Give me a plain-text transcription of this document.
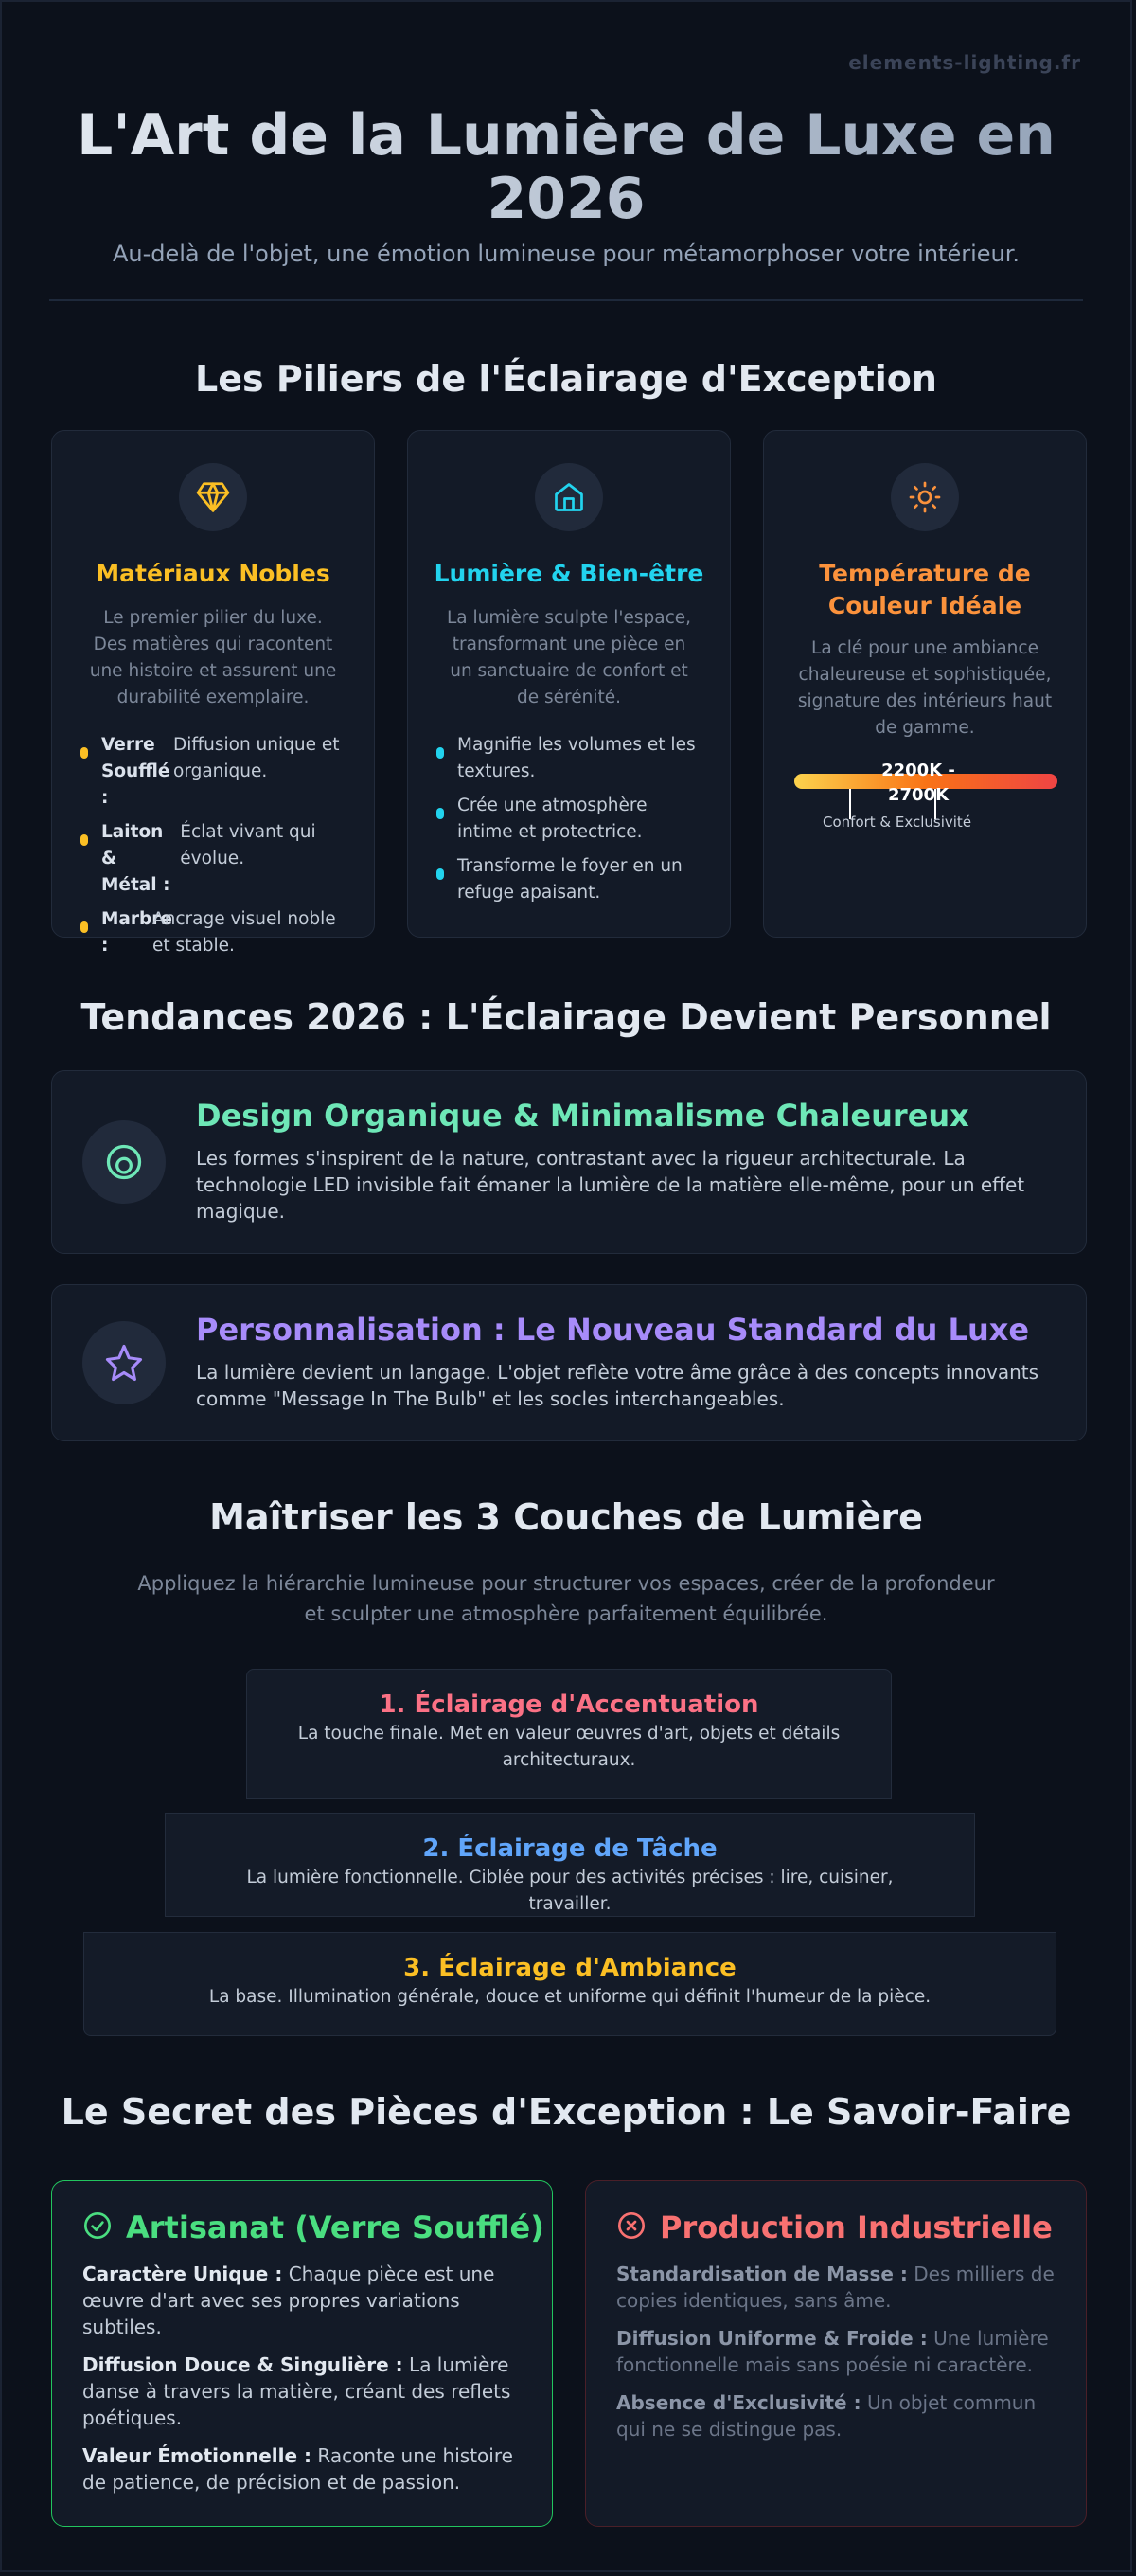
elements-lighting.fr
L'Art de la Lumière de Luxe en 2026
Au-delà de l'objet, une émotion lumineuse pour métamorphoser votre intérieur.
Les Piliers de l'Éclairage d'Exception
Matériaux Nobles
Le premier pilier du luxe. Des matières qui racontent une histoire et assurent une durabilité exemplaire.
Verre Soufflé :
Diffusion unique et organique.
Laiton & Métal :
Éclat vivant qui évolue.
Marbre :
Ancrage visuel noble et stable.
Lumière & Bien-être
La lumière sculpte l'espace, transformant une pièce en un sanctuaire de confort et de sérénité.
Magnifie les volumes et les textures.
Crée une atmosphère intime et protectrice.
Transforme le foyer en un refuge apaisant.
Température de Couleur Idéale
La clé pour une ambiance chaleureuse et sophistiquée, signature des intérieurs haut de gamme.
2200K - 2700K
Confort & Exclusivité
Tendances 2026 : L'Éclairage Devient Personnel
Design Organique & Minimalisme Chaleureux
Les formes s'inspirent de la nature, contrastant avec la rigueur architecturale. La technologie LED invisible fait émaner la lumière de la matière elle-même, pour un effet magique.
Personnalisation : Le Nouveau Standard du Luxe
La lumière devient un langage. L'objet reflète votre âme grâce à des concepts innovants comme "Message In The Bulb" et les socles interchangeables.
Maîtriser les 3 Couches de Lumière
Appliquez la hiérarchie lumineuse pour structurer vos espaces, créer de la profondeur et sculpter une atmosphère parfaitement équilibrée.
1. Éclairage d'Accentuation
La touche finale. Met en valeur œuvres d'art, objets et détails architecturaux.
2. Éclairage de Tâche
La lumière fonctionnelle. Ciblée pour des activités précises : lire, cuisiner, travailler.
3. Éclairage d'Ambiance
La base. Illumination générale, douce et uniforme qui définit l'humeur de la pièce.
Le Secret des Pièces d'Exception : Le Savoir-Faire
Artisanat (Verre Soufflé)
Caractère Unique : Chaque pièce est une œuvre d'art avec ses propres variations subtiles.
Diffusion Douce & Singulière : La lumière danse à travers la matière, créant des reflets poétiques.
Valeur Émotionnelle : Raconte une histoire de patience, de précision et de passion.
Production Industrielle
Standardisation de Masse : Des milliers de copies identiques, sans âme.
Diffusion Uniforme & Froide : Une lumière fonctionnelle mais sans poésie ni caractère.
Absence d'Exclusivité : Un objet commun qui ne se distingue pas.
